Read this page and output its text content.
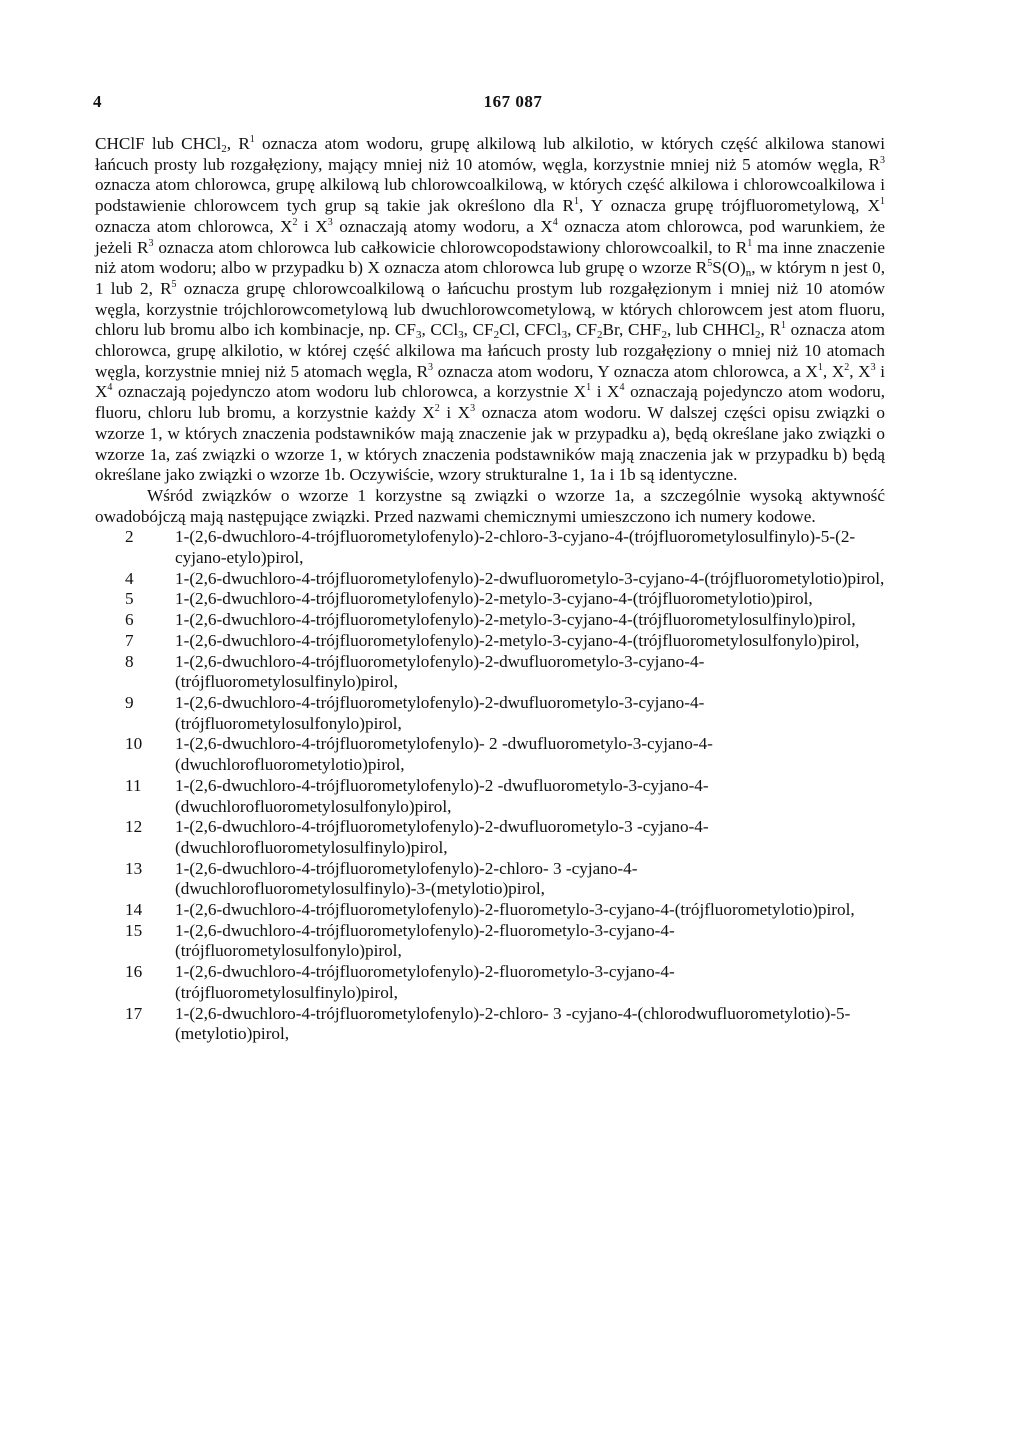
4	167 087

CHClF lub CHCl$_2$, $R^1$ oznacza atom wodoru, grupę alkilową lub alkilotio, w których część alkilowa stanowi łańcuch prosty lub rozgałęziony, mający mniej niż 10 atomów, węgla, korzystnie mniej niż 5 atomów węgla, $R^3$ oznacza atom chlorowca, grupę alkilową lub chlorowcoalkilową, w których część alkilowa i chlorowcoalkilowa i podstawienie chlorowcem tych grup są takie jak określono dla $R^1$, Y oznacza grupę trójfluorometylową, $X^1$ oznacza atom chlorowca, $X^2$ i $X^3$ oznaczają atomy wodoru, a $X^4$ oznacza atom chlorowca, pod warunkiem, że jeżeli $R^3$ oznacza atom chlorowca lub całkowicie chlorowcopodstawiony chlorowcoalkil, to $R^1$ ma inne znaczenie niż atom wodoru; albo w przypadku b) X oznacza atom chlorowca lub grupę o wzorze $R^5S(O)_n$, w którym n jest 0, 1 lub 2, $R^5$ oznacza grupę chlorowcoalkilową o łańcuchu prostym lub rozgałęzionym i mniej niż 10 atomów węgla, korzystnie trójchlorowcometylową lub dwuchlorowcometylową, w których chlorowcem jest atom fluoru, chloru lub bromu albo ich kombinacje, np. $CF_3$, CCl$_3$, $CF_2Cl$, CFCl$_3$, $CF_2Br$, $CHF_2$, lub CHHCl$_2$, $R^1$ oznacza atom chlorowca, grupę alkilotio, w której część alkilowa ma łańcuch prosty lub rozgałęziony o mniej niż 10 atomach węgla, korzystnie mniej niż 5 atomach węgla, $R^3$ oznacza atom wodoru, Y oznacza atom chlorowca, a $X^1$, $X^2$, $X^3$ i $X^4$ oznaczają pojedynczo atom wodoru lub chlorowca, a korzystnie $X^1$ i $X^4$ oznaczają pojedynczo atom wodoru, fluoru, chloru lub bromu, a korzystnie każdy $X^2$ i $X^3$ oznacza atom wodoru. W dalszej części opisu związki o wzorze 1, w których znaczenia podstawników mają znaczenie jak w przypadku a), będą określane jako związki o wzorze 1a, zaś związki o wzorze 1, w których znaczenia podstawników mają znaczenia jak w przypadku b) będą określane jako związki o wzorze 1b. Oczywiście, wzory strukturalne 1, 1a i 1b są identyczne.

Wśród związków o wzorze 1 korzystne są związki o wzorze 1a, a szczególnie wysoką aktywność owadobójczą mają następujące związki. Przed nazwami chemicznymi umieszczono ich numery kodowe.

2	1-(2,6-dwuchloro-4-trójfluorometylofenylo)-2-chloro-3-cyjano-4-(trójfluorometylosulfinylo)-5-(2-cyjano-etylo)pirol,
4	1-(2,6-dwuchloro-4-trójfluorometylofenylo)-2-dwufluorometylo-3-cyjano-4-(trójfluorometylotio)pirol,
5	1-(2,6-dwuchloro-4-trójfluorometylofenylo)-2-metylo-3-cyjano-4-(trójfluorometylotio)pirol,
6	1-(2,6-dwuchloro-4-trójfluorometylofenylo)-2-metylo-3-cyjano-4-(trójfluorometylosulfinylo)pirol,
7	1-(2,6-dwuchloro-4-trójfluorometylofenylo)-2-metylo-3-cyjano-4-(trójfluorometylosulfonylo)pirol,
8	1-(2,6-dwuchloro-4-trójfluorometylofenylo)-2-dwufluorometylo-3-cyjano-4-(trójfluorometylosulfinylo)pirol,
9	1-(2,6-dwuchloro-4-trójfluorometylofenylo)-2-dwufluorometylo-3-cyjano-4-(trójfluorometylosulfonylo)pirol,
10	1-(2,6-dwuchloro-4-trójfluorometylofenylo)- 2 -dwufluorometylo-3-cyjano-4-(dwuchlorofluorometylotio)pirol,
11	1-(2,6-dwuchloro-4-trójfluorometylofenylo)-2 -dwufluorometylo-3-cyjano-4-(dwuchlorofluorometylosulfonylo)pirol,
12	1-(2,6-dwuchloro-4-trójfluorometylofenylo)-2-dwufluorometylo-3 -cyjano-4-(dwuchlorofluorometylosulfinylo)pirol,
13	1-(2,6-dwuchloro-4-trójfluorometylofenylo)-2-chloro- 3 -cyjano-4-(dwuchlorofluorometylosulfinylo)-3-(metylotio)pirol,
14	1-(2,6-dwuchloro-4-trójfluorometylofenylo)-2-fluorometylo-3-cyjano-4-(trójfluorometylotio)pirol,
15	1-(2,6-dwuchloro-4-trójfluorometylofenylo)-2-fluorometylo-3-cyjano-4-(trójfluorometylosulfonylo)pirol,
16	1-(2,6-dwuchloro-4-trójfluorometylofenylo)-2-fluorometylo-3-cyjano-4-(trójfluorometylosulfinylo)pirol,
17	1-(2,6-dwuchloro-4-trójfluorometylofenylo)-2-chloro- 3 -cyjano-4-(chlorodwufluorometylotio)-5-(metylotio)pirol,
